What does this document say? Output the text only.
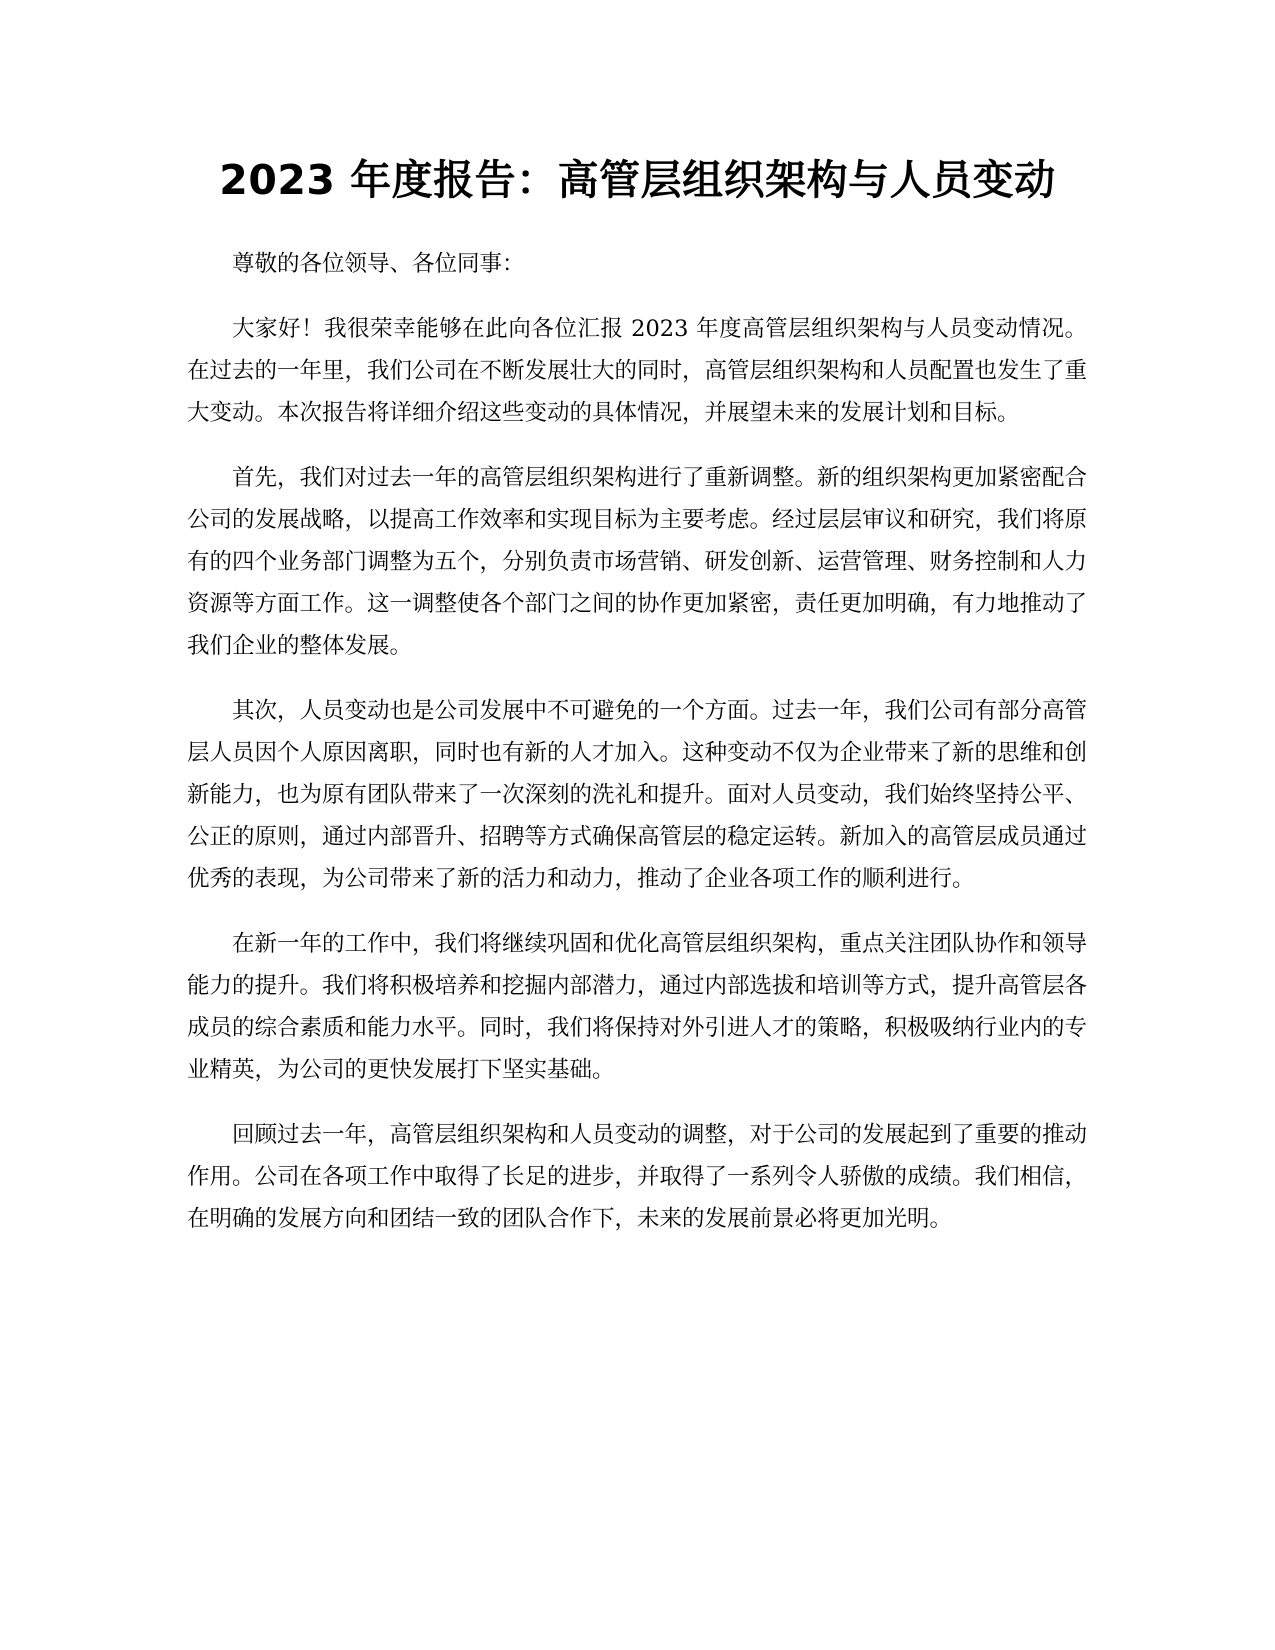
2023 年度报告：高管层组织架构与人员变动

尊敬的各位领导、各位同事：

大家好！我很荣幸能够在此向各位汇报 2023 年度高管层组织架构与人员变动情况。在过去的一年里，我们公司在不断发展壮大的同时，高管层组织架构和人员配置也发生了重大变动。本次报告将详细介绍这些变动的具体情况，并展望未来的发展计划和目标。

首先，我们对过去一年的高管层组织架构进行了重新调整。新的组织架构更加紧密配合公司的发展战略，以提高工作效率和实现目标为主要考虑。经过层层审议和研究，我们将原有的四个业务部门调整为五个，分别负责市场营销、研发创新、运营管理、财务控制和人力资源等方面工作。这一调整使各个部门之间的协作更加紧密，责任更加明确，有力地推动了我们企业的整体发展。

其次，人员变动也是公司发展中不可避免的一个方面。过去一年，我们公司有部分高管层人员因个人原因离职，同时也有新的人才加入。这种变动不仅为企业带来了新的思维和创新能力，也为原有团队带来了一次深刻的洗礼和提升。面对人员变动，我们始终坚持公平、公正的原则，通过内部晋升、招聘等方式确保高管层的稳定运转。新加入的高管层成员通过优秀的表现，为公司带来了新的活力和动力，推动了企业各项工作的顺利进行。

在新一年的工作中，我们将继续巩固和优化高管层组织架构，重点关注团队协作和领导能力的提升。我们将积极培养和挖掘内部潜力，通过内部选拔和培训等方式，提升高管层各成员的综合素质和能力水平。同时，我们将保持对外引进人才的策略，积极吸纳行业内的专业精英，为公司的更快发展打下坚实基础。

回顾过去一年，高管层组织架构和人员变动的调整，对于公司的发展起到了重要的推动作用。公司在各项工作中取得了长足的进步，并取得了一系列令人骄傲的成绩。我们相信，在明确的发展方向和团结一致的团队合作下，未来的发展前景必将更加光明。
